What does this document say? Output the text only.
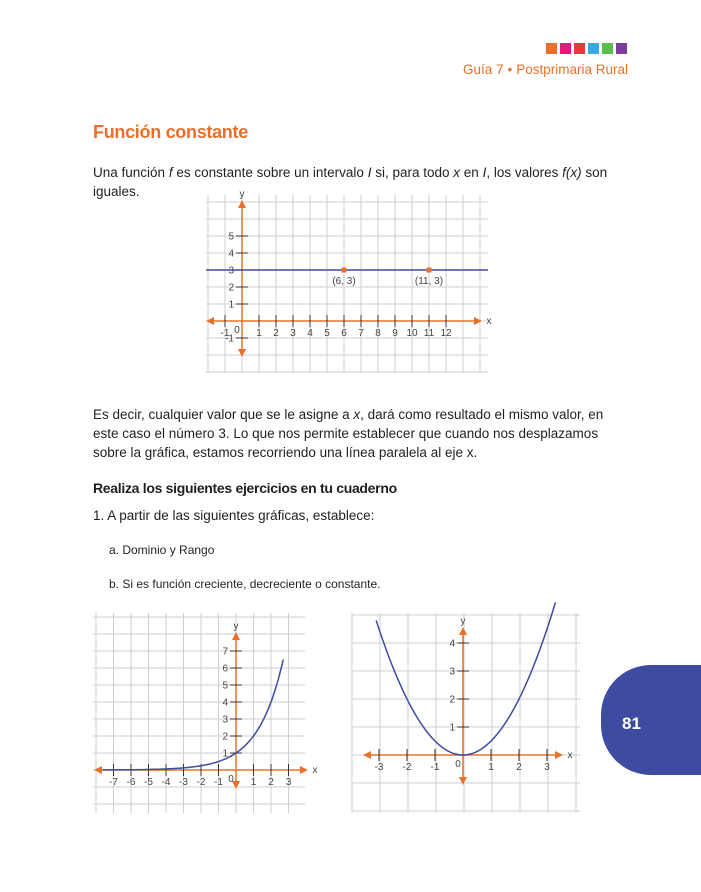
Guía 7 • Postprimaria Rural
Función constante

Una función f es constante sobre un intervalo I si, para todo x en I, los valores f(x) son iguales.

x
y
-1 0 1 2 3 4 5 6 7 8 9 10 11 12
-1
1
2
3
4
5
(6, 3)	(11, 3)

Es decir, cualquier valor que se le asigne a x, dará como resultado el mismo valor, en este caso el número 3. Lo que nos permite establecer que cuando nos desplazamos sobre la gráfica, estamos recorriendo una línea paralela al eje x.

Realiza los siguientes ejercicios en tu cuaderno

1. A partir de las siguientes gráficas, establece:

a. Dominio y Rango

b. Si es función creciente, decreciente o constante.

x
y
-7 -6 -5 -4 -3 -2 -1 0 1 2 3
1
2
3
4
5
6
7
x
y
-3 -2 -1 0	1 2 3
1
2
3
4
81
